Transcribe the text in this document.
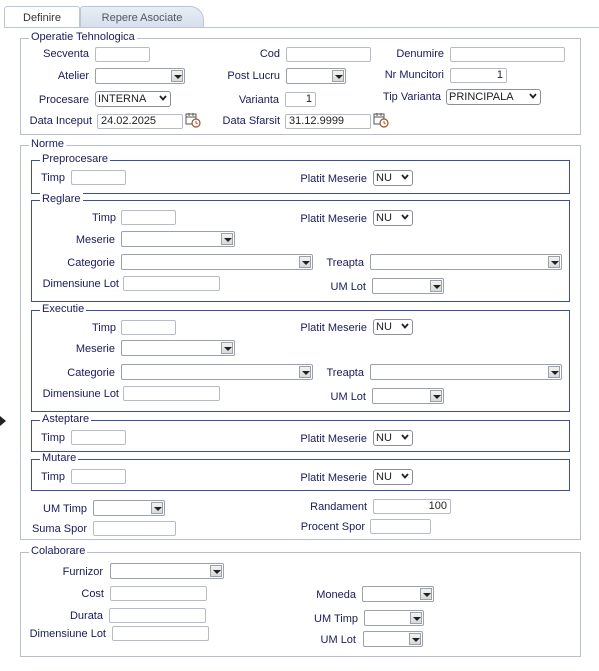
Definire	Repere Asociate
Operatie Tehnologica
Secventa	Cod	Denumire
Atelier	Post Lucru	Nr Muncitori	1
Procesare INTERNA	Varianta	1	Tip Varianta PRINCIPALA
Data Inceput 24.02.2025	Data Sfarsit 31.12.9999
Norme
Preprocesare
Timp	Platit Meserie NU
Reglare
Timp	Platit Meserie NU
Meserie
Categorie	Treapta
Dimensiune Lot	UM Lot
Executie
Timp	Platit Meserie NU
Meserie
Categorie	Treapta
Dimensiune Lot	UM Lot
Asteptare
Timp	Platit Meserie NU
Mutare
Timp	Platit Meserie NU
UM Timp	Randament	100
Suma Spor	Procent Spor
Colaborare
Furnizor
Cost	Moneda
Durata	UM Timp
Dimensiune Lot	UM Lot
